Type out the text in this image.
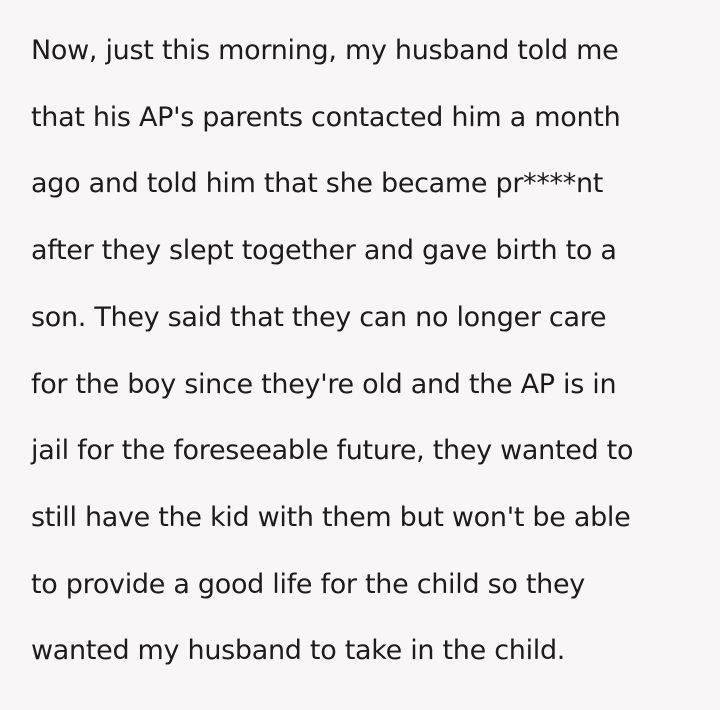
Now, just this morning, my husband told me
that his AP's parents contacted him a month
ago and told him that she became pr****nt
after they slept together and gave birth to a
son. They said that they can no longer care
for the boy since they're old and the AP is in
jail for the foreseeable future, they wanted to
still have the kid with them but won't be able
to provide a good life for the child so they
wanted my husband to take in the child.
